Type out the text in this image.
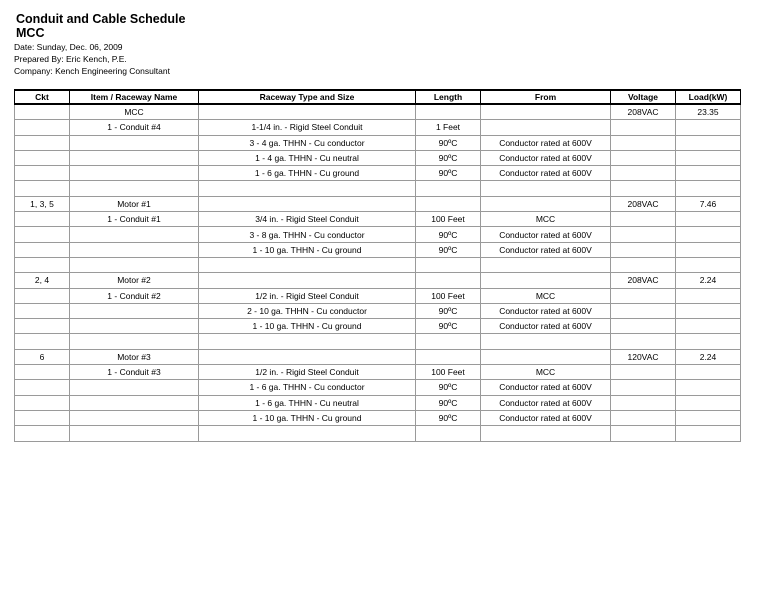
Conduit and Cable Schedule
MCC
Date: Sunday, Dec. 06, 2009
Prepared By: Eric Kench, P.E.
Company: Kench Engineering Consultant
Ckt	Item / Raceway Name	Raceway Type and Size	Length	From	Voltage	Load(kW)
	MCC				208VAC	23.35
	1 - Conduit #4	1-1/4 in. - Rigid Steel Conduit	1 Feet			
		3 - 4 ga. THHN - Cu conductor	90ºC	Conductor rated at 600V		
		1 - 4 ga. THHN - Cu neutral	90ºC	Conductor rated at 600V		
		1 - 6 ga. THHN - Cu ground	90ºC	Conductor rated at 600V		

1, 3, 5	Motor #1				208VAC	7.46
	1 - Conduit #1	3/4 in. - Rigid Steel Conduit	100 Feet	MCC		
		3 - 8 ga. THHN - Cu conductor	90ºC	Conductor rated at 600V		
		1 - 10 ga. THHN - Cu ground	90ºC	Conductor rated at 600V		

2, 4	Motor #2				208VAC	2.24
	1 - Conduit #2	1/2 in. - Rigid Steel Conduit	100 Feet	MCC		
		2 - 10 ga. THHN - Cu conductor	90ºC	Conductor rated at 600V		
		1 - 10 ga. THHN - Cu ground	90ºC	Conductor rated at 600V		

6	Motor #3				120VAC	2.24
	1 - Conduit #3	1/2 in. - Rigid Steel Conduit	100 Feet	MCC		
		1 - 6 ga. THHN - Cu conductor	90ºC	Conductor rated at 600V		
		1 - 6 ga. THHN - Cu neutral	90ºC	Conductor rated at 600V		
		1 - 10 ga. THHN - Cu ground	90ºC	Conductor rated at 600V		
